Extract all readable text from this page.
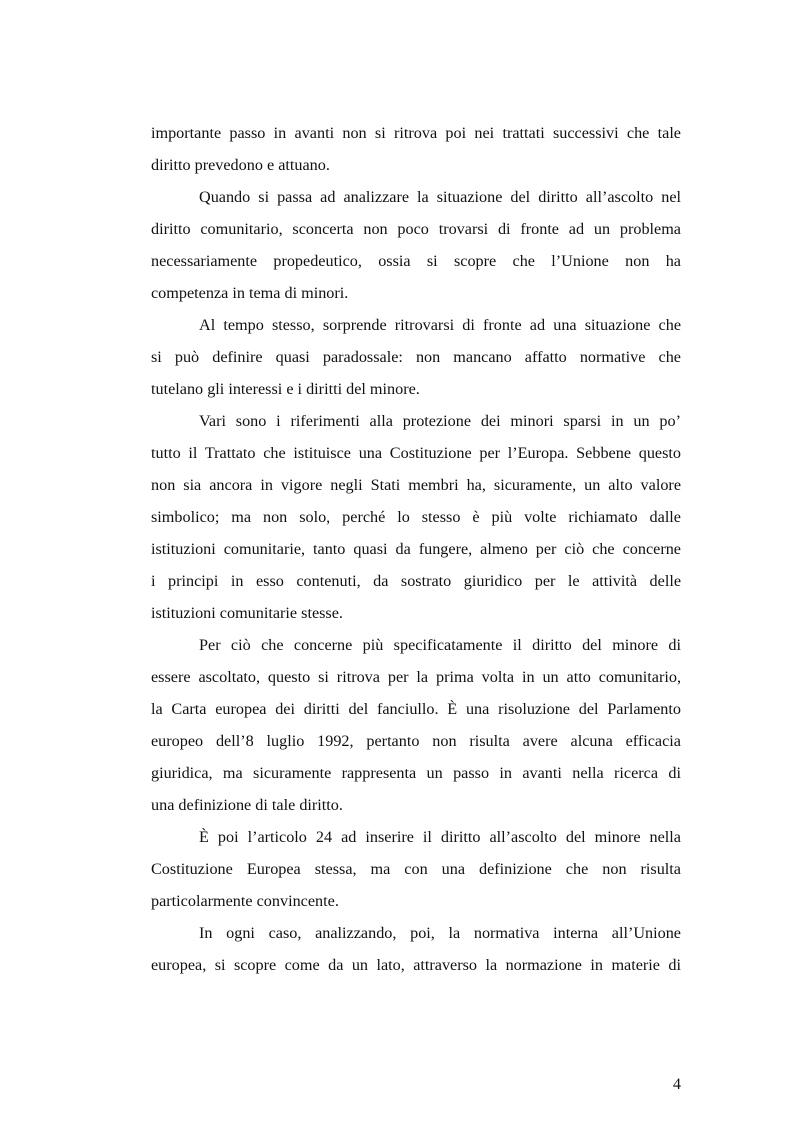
importante passo in avanti non si ritrova poi nei trattati successivi che tale
diritto prevedono e attuano.
Quando si passa ad analizzare la situazione del diritto all’ascolto nel
diritto comunitario, sconcerta non poco trovarsi di fronte ad un problema
necessariamente propedeutico, ossia si scopre che l’Unione non ha
competenza in tema di minori.
Al tempo stesso, sorprende ritrovarsi di fronte ad una situazione che
si può definire quasi paradossale: non mancano affatto normative che
tutelano gli interessi e i diritti del minore.
Vari sono i riferimenti alla protezione dei minori sparsi in un po’
tutto il Trattato che istituisce una Costituzione per l’Europa. Sebbene questo
non sia ancora in vigore negli Stati membri ha, sicuramente, un alto valore
simbolico; ma non solo, perché lo stesso è più volte richiamato dalle
istituzioni comunitarie, tanto quasi da fungere, almeno per ciò che concerne
i principi in esso contenuti, da sostrato giuridico per le attività delle
istituzioni comunitarie stesse.
Per ciò che concerne più specificatamente il diritto del minore di
essere ascoltato, questo si ritrova per la prima volta in un atto comunitario,
la Carta europea dei diritti del fanciullo. È una risoluzione del Parlamento
europeo dell’8 luglio 1992, pertanto non risulta avere alcuna efficacia
giuridica, ma sicuramente rappresenta un passo in avanti nella ricerca di
una definizione di tale diritto.
È poi l’articolo 24 ad inserire il diritto all’ascolto del minore nella
Costituzione Europea stessa, ma con una definizione che non risulta
particolarmente convincente.
In ogni caso, analizzando, poi, la normativa interna all’Unione
europea, si scopre come da un lato, attraverso la normazione in materie di
4
